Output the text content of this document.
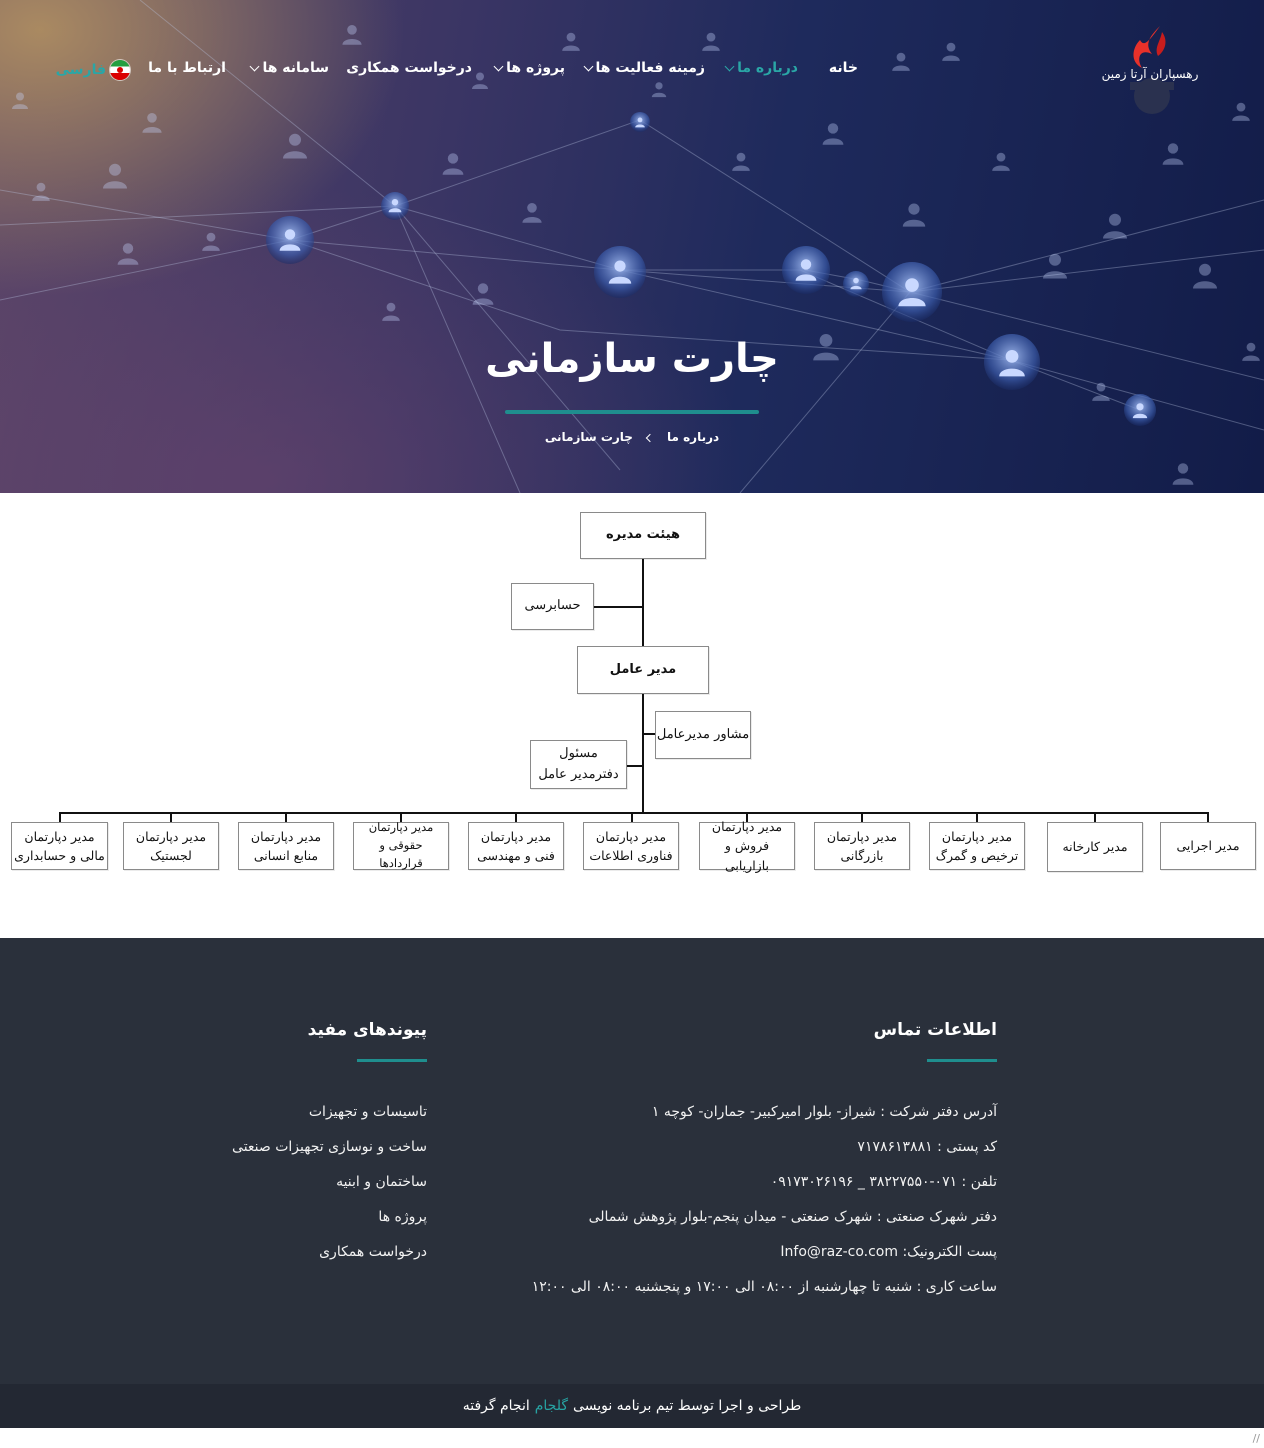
رهسپاران آرتا زمین
خانه
درباره ما
زمینه فعالیت ها
پروژه ها
درخواست همکاری
سامانه ها
ارتباط با ما
فارسی
چارت سازمانی
درباره ما
چارت سازمانی
هیئت مدیره
حسابرسی
مدیر عامل
مشاور مدیرعامل
مسئول دفترمدیر عامل
مدیر اجرایی
مدیر کارخانه
مدیر دپارتمان ترخیص و گمرگ
مدیر دپارتمان بازرگانی
مدیر دپارتمان فروش و بازاریابی
مدیر دپارتمان فناوری اطلاعات
مدیر دپارتمان فنی و مهندسی
مدیر دپارتمان حقوقی و قراردادها
مدیر دپارتمان منابع انسانی
مدیر دپارتمان لجستیک
مدیر دپارتمان مالی و حسابداری
اطلاعات تماس
آدرس دفتر شرکت : شیراز- بلوار امیرکبیر- جماران- کوچه ۱
کد پستی : ۷۱۷۸۶۱۳۸۸۱
تلفن : ۰۷۱-۳۸۲۲۷۵۵۰ _ ۰۹۱۷۳۰۲۶۱۹۶
دفتر شهرک صنعتی : شهرک صنعتی - میدان پنجم-بلوار پژوهش شمالی
پست الکترونیک: Info@raz-co.com
ساعت کاری : شنبه تا چهارشنبه از ۰۸:۰۰ الی ۱۷:۰۰ و پنجشنبه ۰۸:۰۰ الی ۱۲:۰۰
پیوندهای مفید
تاسیسات و تجهیزات
ساخت و نوسازی تجهیزات صنعتی
ساختمان و ابنیه
پروژه ها
درخواست همکاری
طراحی و اجرا توسط تیم برنامه نویسی
گلجام
انجام گرفته
//
